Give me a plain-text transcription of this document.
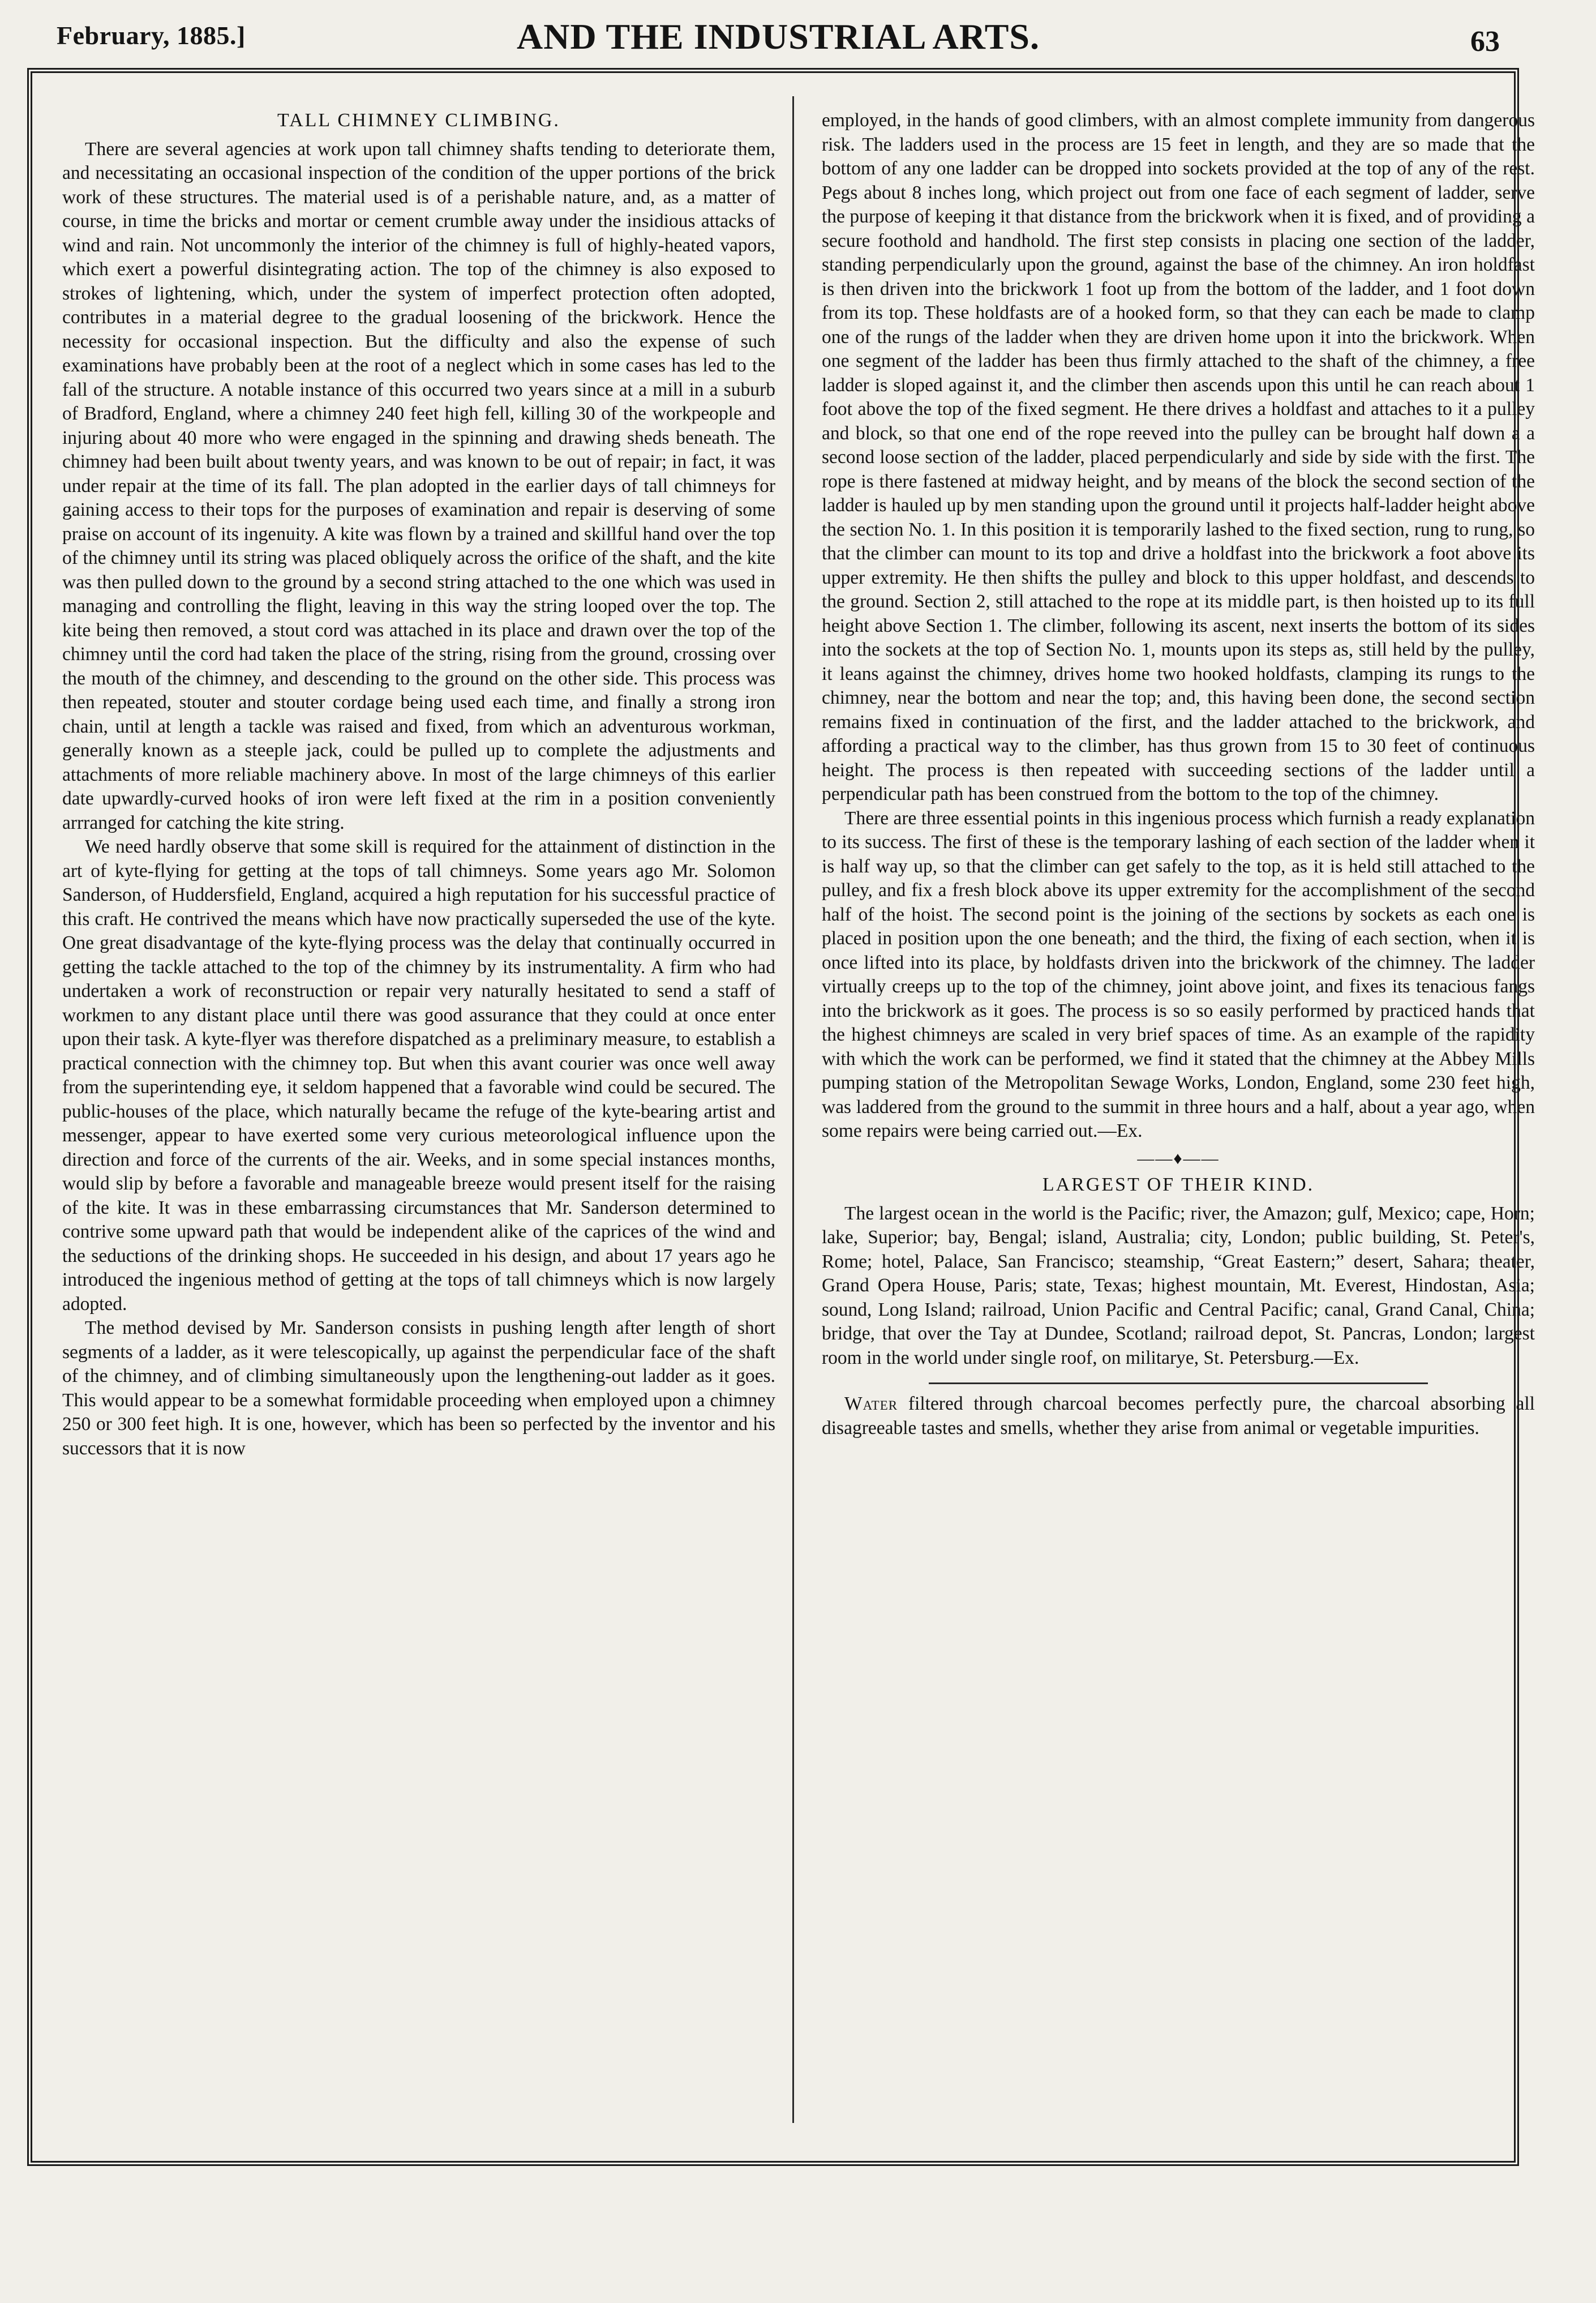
February, 1885.]	AND THE INDUSTRIAL ARTS.	63
TALL CHIMNEY CLIMBING.

There are several agencies at work upon tall chimney shafts tending to deteriorate them, and necessitating an occasional inspection of the condition of the upper portions of the brick work of these structures. The material used is of a perishable nature, and, as a matter of course, in time the bricks and mortar or cement crumble away under the insidious attacks of wind and rain. Not uncommonly the interior of the chimney is full of highly-heated vapors, which exert a powerful disintegrating action. The top of the chimney is also exposed to strokes of lightening, which, under the system of imperfect protection often adopted, contributes in a material degree to the gradual loosening of the brickwork. Hence the necessity for occasional inspection. But the difficulty and also the expense of such examinations have probably been at the root of a neglect which in some cases has led to the fall of the structure. A notable instance of this occurred two years since at a mill in a suburb of Bradford, England, where a chimney 240 feet high fell, killing 30 of the workpeople and injuring about 40 more who were engaged in the spinning and drawing sheds beneath. The chimney had been built about twenty years, and was known to be out of repair; in fact, it was under repair at the time of its fall. The plan adopted in the earlier days of tall chimneys for gaining access to their tops for the purposes of examination and repair is deserving of some praise on account of its ingenuity. A kite was flown by a trained and skillful hand over the top of the chimney until its string was placed obliquely across the orifice of the shaft, and the kite was then pulled down to the ground by a second string attached to the one which was used in managing and controlling the flight, leaving in this way the string looped over the top. The kite being then removed, a stout cord was attached in its place and drawn over the top of the chimney until the cord had taken the place of the string, rising from the ground, crossing over the mouth of the chimney, and descending to the ground on the other side. This process was then repeated, stouter and stouter cordage being used each time, and finally a strong iron chain, until at length a tackle was raised and fixed, from which an adventurous workman, generally known as a steeple jack, could be pulled up to complete the adjustments and attachments of more reliable machinery above. In most of the large chimneys of this earlier date upwardly-curved hooks of iron were left fixed at the rim in a position conveniently arrranged for catching the kite string.

We need hardly observe that some skill is required for the attainment of distinction in the art of kyte-flying for getting at the tops of tall chimneys. Some years ago Mr. Solomon Sanderson, of Huddersfield, England, acquired a high reputation for his successful practice of this craft. He contrived the means which have now practically superseded the use of the kyte. One great disadvantage of the kyte-flying process was the delay that continually occurred in getting the tackle attached to the top of the chimney by its instrumentality. A firm who had undertaken a work of reconstruction or repair very naturally hesitated to send a staff of workmen to any distant place until there was good assurance that they could at once enter upon their task. A kyte-flyer was therefore dispatched as a preliminary measure, to establish a practical connection with the chimney top. But when this avant courier was once well away from the superintending eye, it seldom happened that a favorable wind could be secured. The public-houses of the place, which naturally became the refuge of the kyte-bearing artist and messenger, appear to have exerted some very curious meteorological influence upon the direction and force of the currents of the air. Weeks, and in some special instances months, would slip by before a favorable and manageable breeze would present itself for the raising of the kite. It was in these embarrassing circumstances that Mr. Sanderson determined to contrive some upward path that would be independent alike of the caprices of the wind and the seductions of the drinking shops. He succeeded in his design, and about 17 years ago he introduced the ingenious method of getting at the tops of tall chimneys which is now largely adopted.

The method devised by Mr. Sanderson consists in pushing length after length of short segments of a ladder, as it were telescopically, up against the perpendicular face of the shaft of the chimney, and of climbing simultaneously upon the lengthening-out ladder as it goes. This would appear to be a somewhat formidable proceeding when employed upon a chimney 250 or 300 feet high. It is one, however, which has been so perfected by the inventor and his successors that it is now

employed, in the hands of good climbers, with an almost complete immunity from dangerous risk. The ladders used in the process are 15 feet in length, and they are so made that the bottom of any one ladder can be dropped into sockets provided at the top of any of the rest. Pegs about 8 inches long, which project out from one face of each segment of ladder, serve the purpose of keeping it that distance from the brickwork when it is fixed, and of providing a secure foothold and handhold. The first step consists in placing one section of the ladder, standing perpendicularly upon the ground, against the base of the chimney. An iron holdfast is then driven into the brickwork 1 foot up from the bottom of the ladder, and 1 foot down from its top. These holdfasts are of a hooked form, so that they can each be made to clamp one of the rungs of the ladder when they are driven home upon it into the brickwork. When one segment of the ladder has been thus firmly attached to the shaft of the chimney, a free ladder is sloped against it, and the climber then ascends upon this until he can reach about 1 foot above the top of the fixed segment. He there drives a holdfast and attaches to it a pulley and block, so that one end of the rope reeved into the pulley can be brought half down a a second loose section of the ladder, placed perpendicularly and side by side with the first. The rope is there fastened at midway height, and by means of the block the second section of the ladder is hauled up by men standing upon the ground until it projects half-ladder height above the section No. 1. In this position it is temporarily lashed to the fixed section, rung to rung, so that the climber can mount to its top and drive a holdfast into the brickwork a foot above its upper extremity. He then shifts the pulley and block to this upper holdfast, and descends to the ground. Section 2, still attached to the rope at its middle part, is then hoisted up to its full height above Section 1. The climber, following its ascent, next inserts the bottom of its sides into the sockets at the top of Section No. 1, mounts upon its steps as, still held by the pulley, it leans against the chimney, drives home two hooked holdfasts, clamping its rungs to the chimney, near the bottom and near the top; and, this having been done, the second section remains fixed in continuation of the first, and the ladder attached to the brickwork, and affording a practical way to the climber, has thus grown from 15 to 30 feet of continuous height. The process is then repeated with succeeding sections of the ladder until a perpendicular path has been construed from the bottom to the top of the chimney.

There are three essential points in this ingenious process which furnish a ready explanation to its success. The first of these is the temporary lashing of each section of the ladder when it is half way up, so that the climber can get safely to the top, as it is held still attached to the pulley, and fix a fresh block above its upper extremity for the accomplishment of the second half of the hoist. The second point is the joining of the sections by sockets as each one is placed in position upon the one beneath; and the third, the fixing of each section, when it is once lifted into its place, by holdfasts driven into the brickwork of the chimney. The ladder virtually creeps up to the top of the chimney, joint above joint, and fixes its tenacious fangs into the brickwork as it goes. The process is so so easily performed by practiced hands that the highest chimneys are scaled in very brief spaces of time. As an example of the rapidity with which the work can be performed, we find it stated that the chimney at the Abbey Mills pumping station of the Metropolitan Sewage Works, London, England, some 230 feet high, was laddered from the ground to the summit in three hours and a half, about a year ago, when some repairs were being carried out.—Ex.

——♦——
LARGEST OF THEIR KIND.

The largest ocean in the world is the Pacific; river, the Amazon; gulf, Mexico; cape, Horn; lake, Superior; bay, Bengal; island, Australia; city, London; public building, St. Peter's, Rome; hotel, Palace, San Francisco; steamship, “Great Eastern;” desert, Sahara; theater, Grand Opera House, Paris; state, Texas; highest mountain, Mt. Everest, Hindostan, Asia; sound, Long Island; railroad, Union Pacific and Central Pacific; canal, Grand Canal, China; bridge, that over the Tay at Dundee, Scotland; railroad depot, St. Pancras, London; largest room in the world under single roof, on militarye, St. Petersburg.—Ex.

Water filtered through charcoal becomes perfectly pure, the charcoal absorbing all disagreeable tastes and smells, whether they arise from animal or vegetable impurities.
